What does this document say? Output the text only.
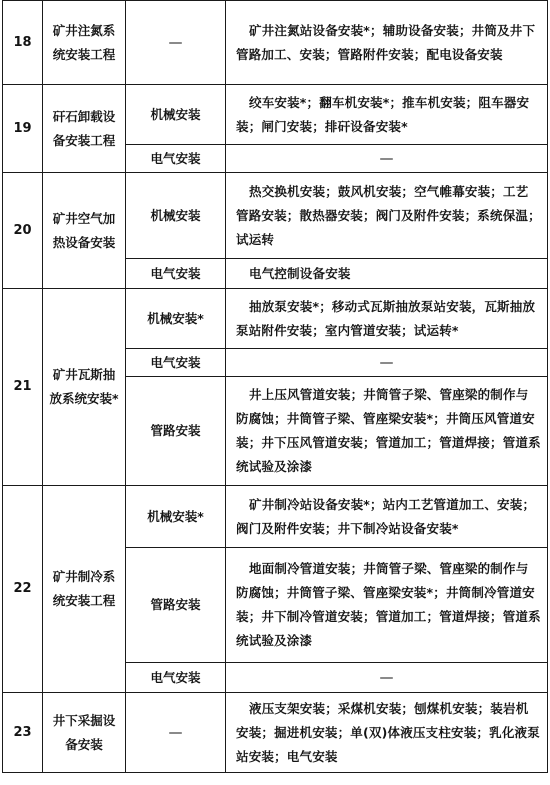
18	矿井注氮系统安装工程	—	矿井注氮站设备安装*；辅助设备安装；井筒及井下管路加工、安装；管路附件安装；配电设备安装
19	矸石卸载设备安装工程	机械安装	绞车安装*；翻车机安装*；推车机安装；阻车器安装；闸门安装；排矸设备安装*
		电气安装	—
20	矿井空气加热设备安装	机械安装	热交换机安装；鼓风机安装；空气帷幕安装；工艺管路安装；散热器安装；阀门及附件安装；系统保温；试运转
		电气安装	电气控制设备安装
21	矿井瓦斯抽放系统安装*	机械安装*	抽放泵安装*；移动式瓦斯抽放泵站安装，瓦斯抽放泵站附件安装；室内管道安装；试运转*
		电气安装	—
		管路安装	井上压风管道安装；井筒管子梁、管座梁的制作与防腐蚀；井筒管子梁、管座梁安装*；井筒压风管道安装；井下压风管道安装；管道加工；管道焊接；管道系统试验及涂漆
22	矿井制冷系统安装工程	机械安装*	矿井制冷站设备安装*；站内工艺管道加工、安装；阀门及附件安装；井下制冷站设备安装*
		管路安装	地面制冷管道安装；井筒管子梁、管座梁的制作与防腐蚀；井筒管子梁、管座梁安装*；井筒制冷管道安装；井下制冷管道安装；管道加工；管道焊接；管道系统试验及涂漆
		电气安装	—
23	井下采掘设备安装	—	液压支架安装；采煤机安装；刨煤机安装；装岩机安装；掘进机安装；单(双)体液压支柱安装；乳化液泵站安装；电气安装
